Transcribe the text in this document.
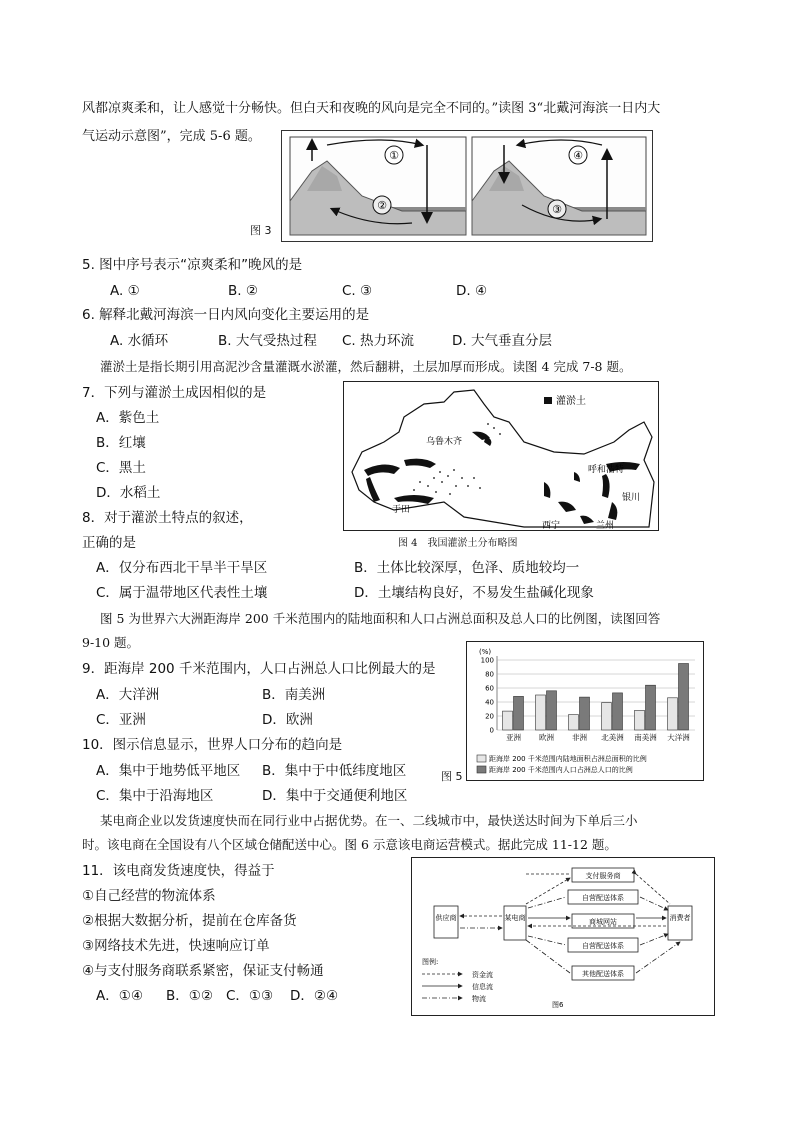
风都凉爽柔和，让人感觉十分畅快。但白天和夜晚的风向是完全不同的。”读图 3“北戴河海滨一日内大
气运动示意图”，完成 5-6 题。
图 3
①
②
④
③
5. 图中序号表示“凉爽柔和”晚风的是
A. ①	B. ②	C. ③	D. ④
6. 解释北戴河海滨一日内风向变化主要运用的是
A. 水循环	B. 大气受热过程 C. 热力环流	D. 大气垂直分层
灌淤土是指长期引用高泥沙含量灌溉水淤灌，然后翻耕，土层加厚而形成。读图 4 完成 7-8 题。
7．下列与灌淤土成因相似的是
A．紫色土
B．红壤
C．黑土
D．水稻土
灌淤土
乌鲁木齐
呼和浩特
银川
于田
西宁	兰州
图 4　我国灌淤土分布略图
8．对于灌淤土特点的叙述，
正确的是
A．仅分布西北干旱半干旱区	B．土体比较深厚，色泽、质地较均一
C．属于温带地区代表性土壤	D．土壤结构良好，不易发生盐碱化现象
图 5 为世界六大洲距海岸 200 千米范围内的陆地面积和人口占洲总面积及总人口的比例图，读图回答
9-10 题。
9．距海岸 200 千米范围内，人口占洲总人口比例最大的是
A．大洋洲	B．南美洲
C．亚洲	D．欧洲
10．图示信息显示，世界人口分布的趋向是
A．集中于地势低平地区 B．集中于中低纬度地区
C．集中于沿海地区	D．集中于交通便利地区
图 5
(%)
0
20
40
60
80
100
亚洲 欧洲 非洲 北美洲 南美洲 大洋洲
距海岸 200 千米范围内陆地面积占洲总面积的比例
距海岸 200 千米范围内人口占洲总人口的比例
某电商企业以发货速度快而在同行业中占据优势。在一、二线城市中，最快送达时间为下单后三小
时。该电商在全国设有八个区域仓储配送中心。图 6 示意该电商运营模式。据此完成 11-12 题。
11．该电商发货速度快，得益于
①自己经营的物流体系
②根据大数据分析，提前在仓库备货
③网络技术先进，快速响应订单
④与支付服务商联系紧密，保证支付畅通
A．①④ B．①② C．①③ D．②④
支付服务商
自营配送体系
供应商	某电商	商城网站	消费者
自营配送体系
其他配送体系
图例:
资金流
信息流
物流
图6
